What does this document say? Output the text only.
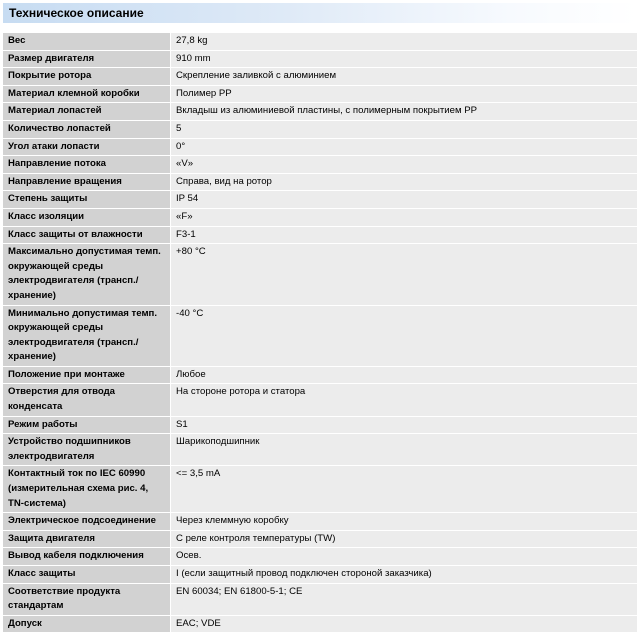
Техническое описание
Вес	27,8 kg
Размер двигателя	910 mm
Покрытие ротора	Скрепление заливкой с алюминием
Материал клемной коробки	Полимер PP
Материал лопастей	Вкладыш из алюминиевой пластины, с полимерным покрытием PP
Количество лопастей	5
Угол атаки лопасти	0°
Направление потока	«V»
Направление вращения	Справа, вид на ротор
Степень защиты	IP 54
Класс изоляции	«F»
Класс защиты от влажности	F3-1
Максимально допустимая темп. окружающей среды электродвигателя (трансп./ хранение)	+80 °C
Минимально допустимая темп. окружающей среды электродвигателя (трансп./ хранение)	-40 °C
Положение при монтаже	Любое
Отверстия для отвода конденсата	На стороне ротора и статора
Режим работы	S1
Устройство подшипников электродвигателя	Шарикоподшипник
Контактный ток по IEC 60990 (измерительная схема рис. 4, TN-система)	<= 3,5 mA
Электрическое подсоединение	Через клеммную коробку
Защита двигателя	С реле контроля температуры (TW)
Вывод кабеля подключения	Осев.
Класс защиты	I (если защитный провод подключен стороной заказчика)
Соответствие продукта стандартам	EN 60034; EN 61800-5-1; CE
Допуск	EAC; VDE
